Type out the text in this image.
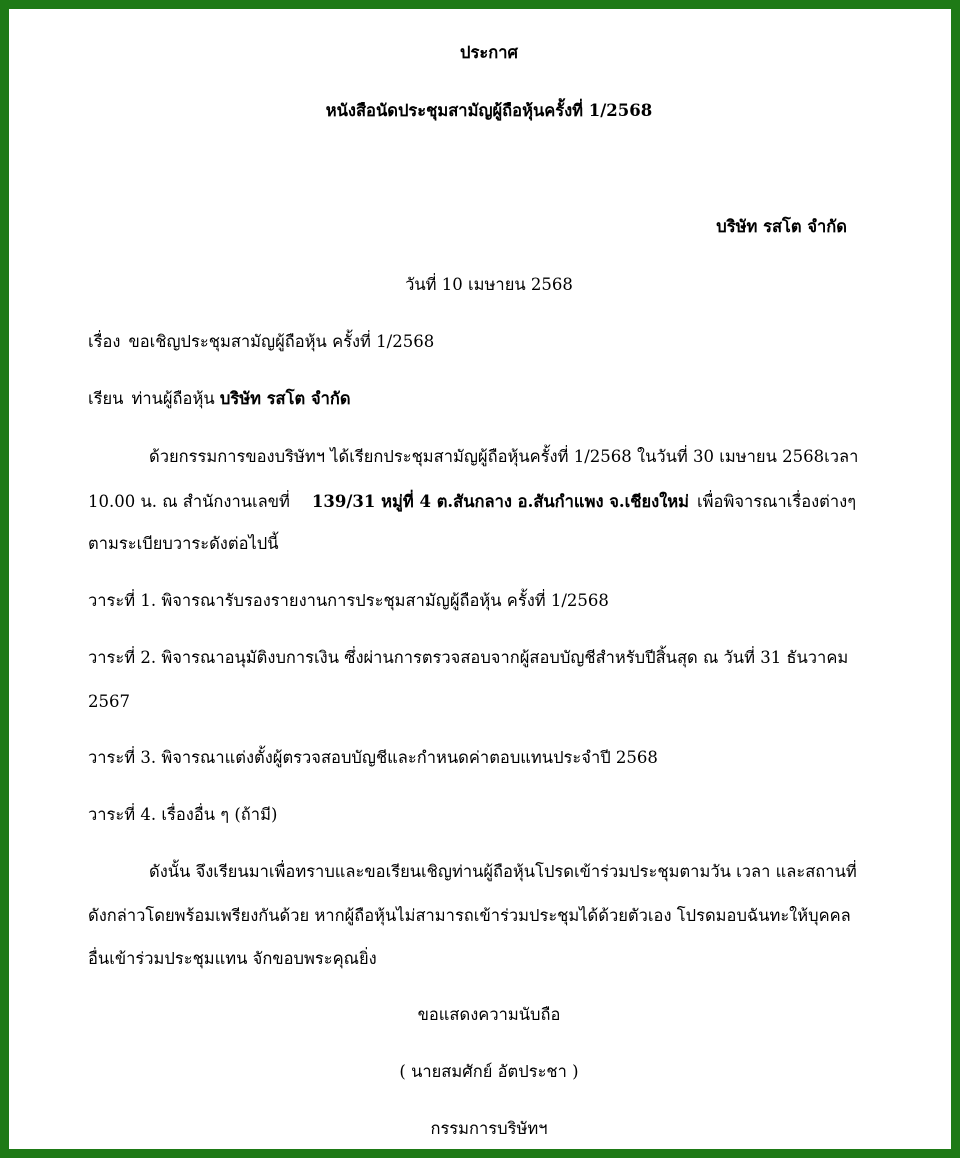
ประกาศ
หนังสือนัดประชุมสามัญผู้ถือหุ้นครั้งที่ 1/2568
บริษัท รสโต จำกัด
วันที่ 10 เมษายน 2568
เรื่อง ขอเชิญประชุมสามัญผู้ถือหุ้น ครั้งที่ 1/2568
เรียน ท่านผู้ถือหุ้น บริษัท รสโต จำกัด
ด้วยกรรมการของบริษัทฯ ได้เรียกประชุมสามัญผู้ถือหุ้นครั้งที่ 1/2568 ในวันที่ 30 เมษายน 2568เวลา
10.00 น. ณ สำนักงานเลขที่ 139/31 หมู่ที่ 4 ต.สันกลาง อ.สันกำแพง จ.เชียงใหม่ เพื่อพิจารณาเรื่องต่างๆ
ตามระเบียบวาระดังต่อไปนี้
วาระที่ 1. พิจารณารับรองรายงานการประชุมสามัญผู้ถือหุ้น ครั้งที่ 1/2568
วาระที่ 2. พิจารณาอนุมัติงบการเงิน ซึ่งผ่านการตรวจสอบจากผู้สอบบัญชีสำหรับปีสิ้นสุด ณ วันที่ 31 ธันวาคม
2567
วาระที่ 3. พิจารณาแต่งตั้งผู้ตรวจสอบบัญชีและกำหนดค่าตอบแทนประจำปี 2568
วาระที่ 4. เรื่องอื่น ๆ (ถ้ามี)
ดังนั้น จึงเรียนมาเพื่อทราบและขอเรียนเชิญท่านผู้ถือหุ้นโปรดเข้าร่วมประชุมตามวัน เวลา และสถานที่
ดังกล่าวโดยพร้อมเพรียงกันด้วย หากผู้ถือหุ้นไม่สามารถเข้าร่วมประชุมได้ด้วยตัวเอง โปรดมอบฉันทะให้บุคคล
อื่นเข้าร่วมประชุมแทน จักขอบพระคุณยิ่ง
ขอแสดงความนับถือ
( นายสมศักย์ อัตประชา )
กรรมการบริษัทฯ
